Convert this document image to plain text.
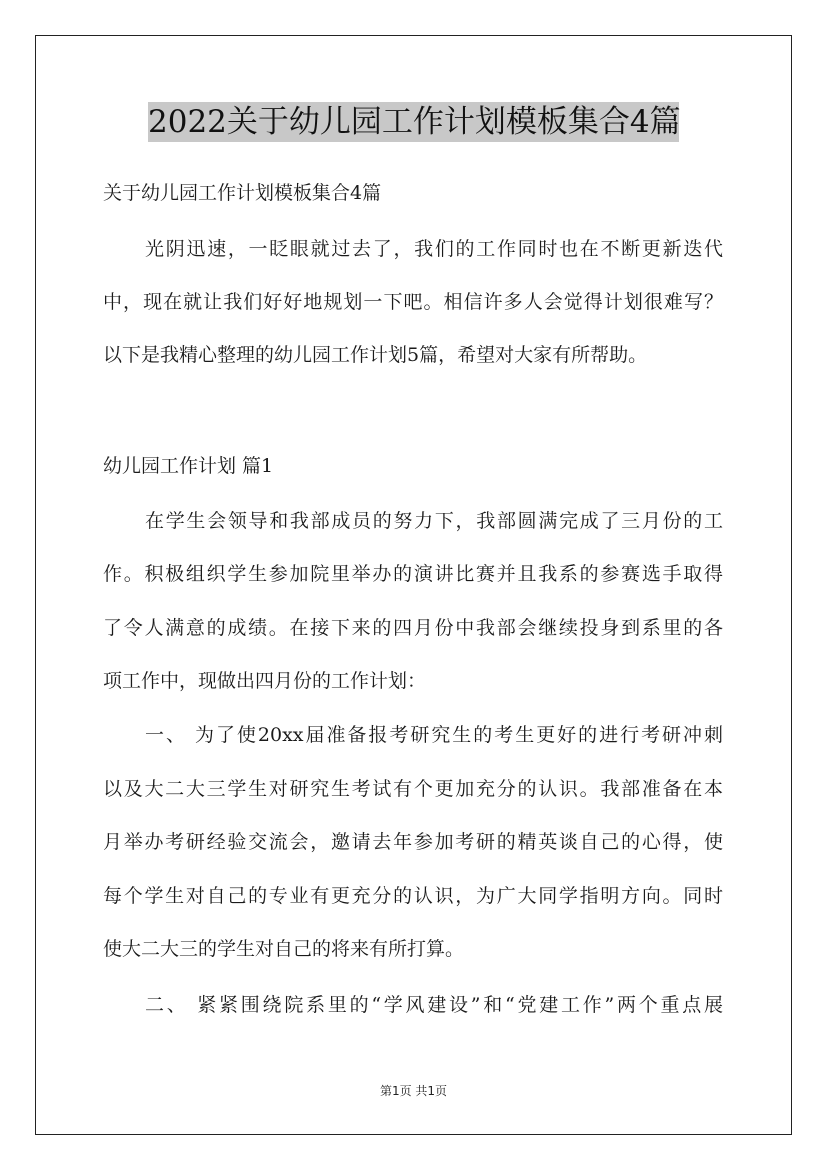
2022关于幼儿园工作计划模板集合4篇
关于幼儿园工作计划模板集合4篇
光阴迅速，一眨眼就过去了，我们的工作同时也在不断更新迭代
中，现在就让我们好好地规划一下吧。相信许多人会觉得计划很难写？
以下是我精心整理的幼儿园工作计划5篇，希望对大家有所帮助。
幼儿园工作计划 篇1
在学生会领导和我部成员的努力下，我部圆满完成了三月份的工
作。积极组织学生参加院里举办的演讲比赛并且我系的参赛选手取得
了令人满意的成绩。在接下来的四月份中我部会继续投身到系里的各
项工作中，现做出四月份的工作计划：
一、 为了使20xx届准备报考研究生的考生更好的进行考研冲刺
以及大二大三学生对研究生考试有个更加充分的认识。我部准备在本
月举办考研经验交流会，邀请去年参加考研的精英谈自己的心得，使
每个学生对自己的专业有更充分的认识，为广大同学指明方向。同时
使大二大三的学生对自己的将来有所打算。
二、 紧紧围绕院系里的“学风建设”和“党建工作”两个重点展
第1页 共1页
